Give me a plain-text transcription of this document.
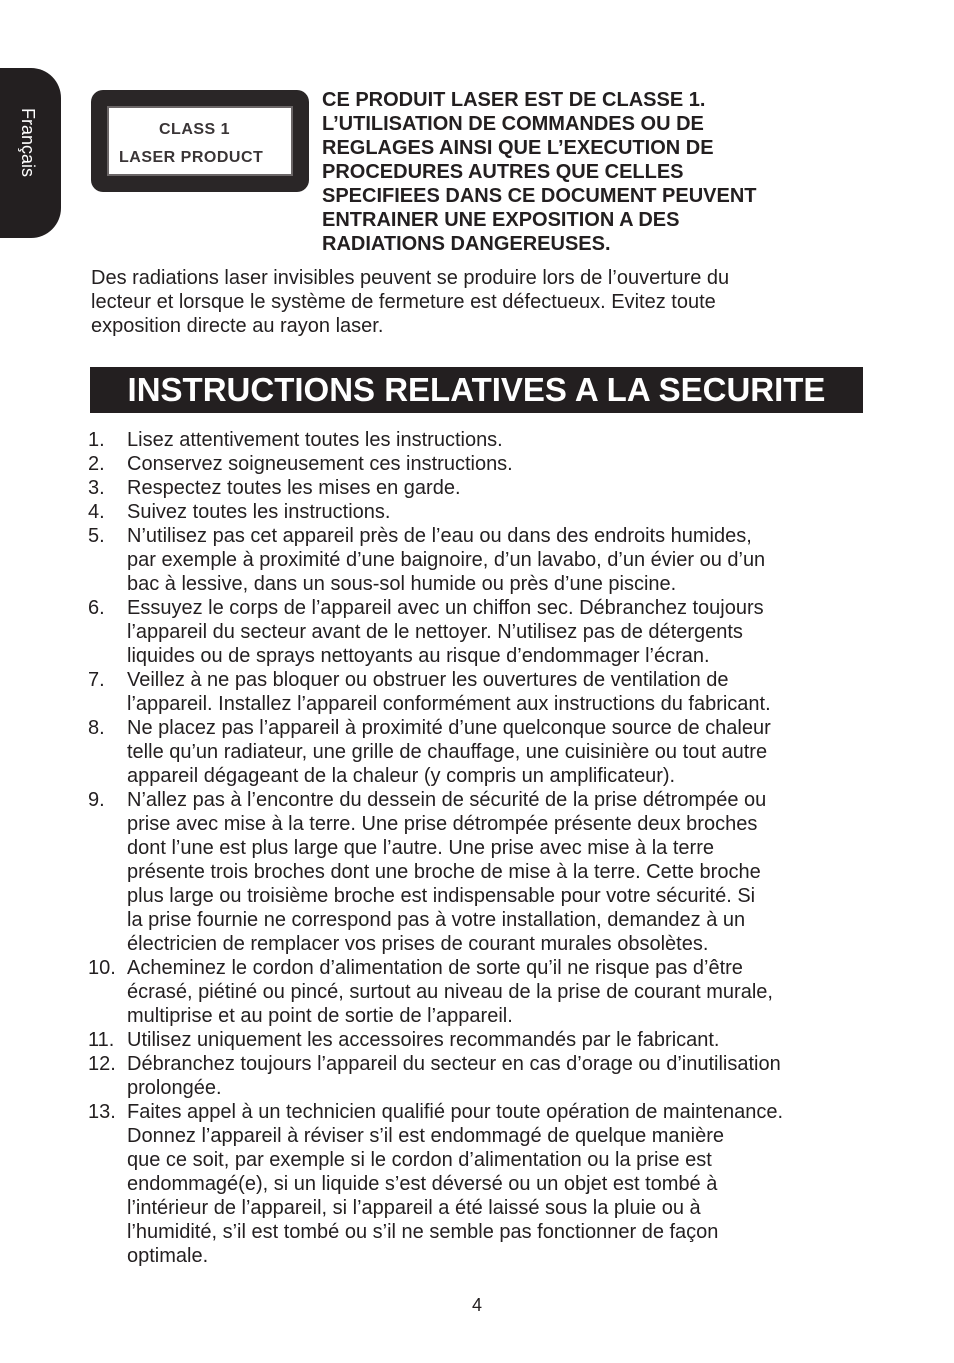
Français	CLASS 1
LASER PRODUCT
CE PRODUIT LASER EST DE CLASSE 1.
L’UTILISATION DE COMMANDES OU DE
REGLAGES AINSI QUE L’EXECUTION DE
PROCEDURES AUTRES QUE CELLES
SPECIFIEES DANS CE DOCUMENT PEUVENT
ENTRAINER UNE EXPOSITION A DES
RADIATIONS DANGEREUSES.
Des radiations laser invisibles peuvent se produire lors de l’ouverture du
lecteur et lorsque le système de fermeture est défectueux. Evitez toute
exposition directe au rayon laser.
INSTRUCTIONS RELATIVES A LA SECURITE
1.	Lisez attentivement toutes les instructions.
2.	Conservez soigneusement ces instructions.
3.	Respectez toutes les mises en garde.
4.	Suivez toutes les instructions.
5.	N’utilisez pas cet appareil près de l’eau ou dans des endroits humides,
par exemple à proximité d’une baignoire, d’un lavabo, d’un évier ou d’un
bac à lessive, dans un sous-sol humide ou près d’une piscine.
6.	Essuyez le corps de l’appareil avec un chiffon sec. Débranchez toujours
l’appareil du secteur avant de le nettoyer. N’utilisez pas de détergents
liquides ou de sprays nettoyants au risque d’endommager l’écran.
7.	Veillez à ne pas bloquer ou obstruer les ouvertures de ventilation de
l’appareil. Installez l’appareil conformément aux instructions du fabricant.
8.	Ne placez pas l’appareil à proximité d’une quelconque source de chaleur
telle qu’un radiateur, une grille de chauffage, une cuisinière ou tout autre
appareil dégageant de la chaleur (y compris un amplificateur).
9.	N’allez pas à l’encontre du dessein de sécurité de la prise détrompée ou
prise avec mise à la terre. Une prise détrompée présente deux broches
dont l’une est plus large que l’autre. Une prise avec mise à la terre
présente trois broches dont une broche de mise à la terre. Cette broche
plus large ou troisième broche est indispensable pour votre sécurité. Si
la prise fournie ne correspond pas à votre installation, demandez à un
électricien de remplacer vos prises de courant murales obsolètes.
10. Acheminez le cordon d’alimentation de sorte qu’il ne risque pas d’être
écrasé, piétiné ou pincé, surtout au niveau de la prise de courant murale,
multiprise et au point de sortie de l’appareil.
11. Utilisez uniquement les accessoires recommandés par le fabricant.
12. Débranchez toujours l’appareil du secteur en cas d’orage ou d’inutilisation
prolongée.
13. Faites appel à un technicien qualifié pour toute opération de maintenance.
Donnez l’appareil à réviser s’il est endommagé de quelque manière
que ce soit, par exemple si le cordon d’alimentation ou la prise est
endommagé(e), si un liquide s’est déversé ou un objet est tombé à
l’intérieur de l’appareil, si l’appareil a été laissé sous la pluie ou à
l’humidité, s’il est tombé ou s’il ne semble pas fonctionner de façon
optimale.
4
